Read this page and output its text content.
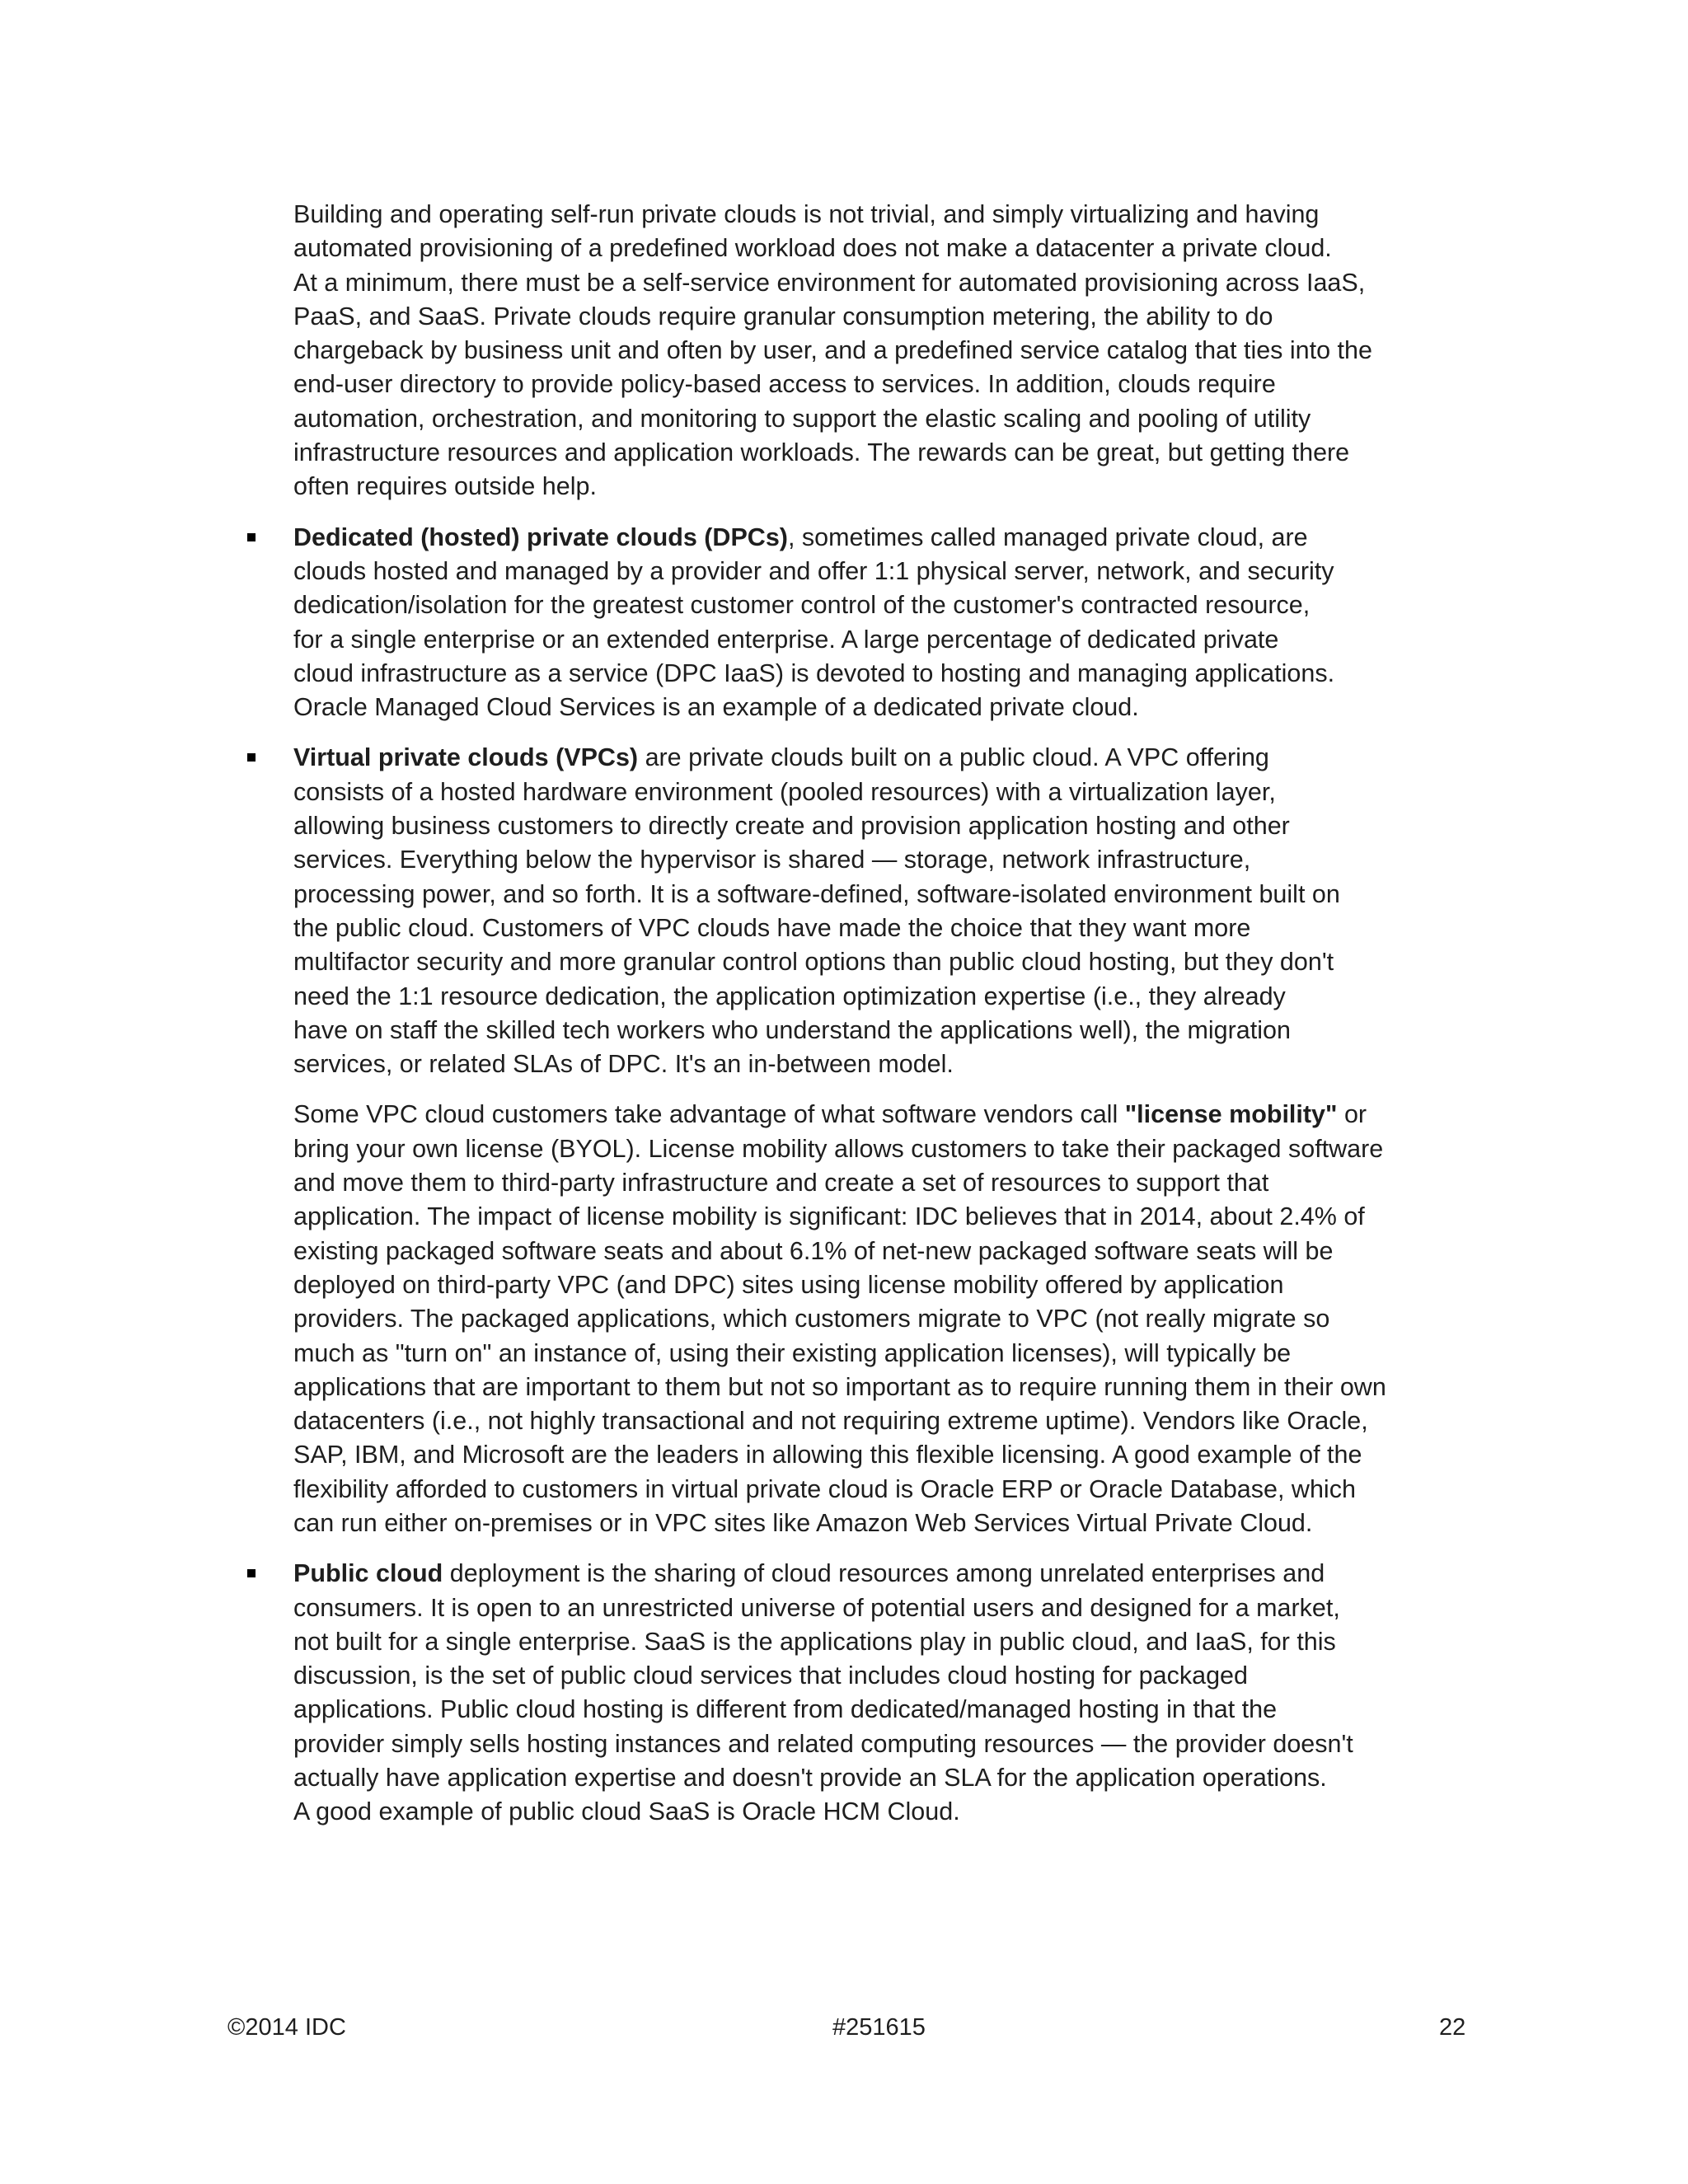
Building and operating self-run private clouds is not trivial, and simply virtualizing and having
automated provisioning of a predefined workload does not make a datacenter a private cloud.
At a minimum, there must be a self-service environment for automated provisioning across IaaS,
PaaS, and SaaS. Private clouds require granular consumption metering, the ability to do
chargeback by business unit and often by user, and a predefined service catalog that ties into the
end-user directory to provide policy-based access to services. In addition, clouds require
automation, orchestration, and monitoring to support the elastic scaling and pooling of utility
infrastructure resources and application workloads. The rewards can be great, but getting there
often requires outside help.
Dedicated (hosted) private clouds (DPCs), sometimes called managed private cloud, are
clouds hosted and managed by a provider and offer 1:1 physical server, network, and security
dedication/isolation for the greatest customer control of the customer's contracted resource,
for a single enterprise or an extended enterprise. A large percentage of dedicated private
cloud infrastructure as a service (DPC IaaS) is devoted to hosting and managing applications.
Oracle Managed Cloud Services is an example of a dedicated private cloud.
Virtual private clouds (VPCs) are private clouds built on a public cloud. A VPC offering
consists of a hosted hardware environment (pooled resources) with a virtualization layer,
allowing business customers to directly create and provision application hosting and other
services. Everything below the hypervisor is shared — storage, network infrastructure,
processing power, and so forth. It is a software-defined, software-isolated environment built on
the public cloud. Customers of VPC clouds have made the choice that they want more
multifactor security and more granular control options than public cloud hosting, but they don't
need the 1:1 resource dedication, the application optimization expertise (i.e., they already
have on staff the skilled tech workers who understand the applications well), the migration
services, or related SLAs of DPC. It's an in-between model.
Some VPC cloud customers take advantage of what software vendors call "license mobility" or
bring your own license (BYOL). License mobility allows customers to take their packaged software
and move them to third-party infrastructure and create a set of resources to support that
application. The impact of license mobility is significant: IDC believes that in 2014, about 2.4% of
existing packaged software seats and about 6.1% of net-new packaged software seats will be
deployed on third-party VPC (and DPC) sites using license mobility offered by application
providers. The packaged applications, which customers migrate to VPC (not really migrate so
much as "turn on" an instance of, using their existing application licenses), will typically be
applications that are important to them but not so important as to require running them in their own
datacenters (i.e., not highly transactional and not requiring extreme uptime). Vendors like Oracle,
SAP, IBM, and Microsoft are the leaders in allowing this flexible licensing. A good example of the
flexibility afforded to customers in virtual private cloud is Oracle ERP or Oracle Database, which
can run either on-premises or in VPC sites like Amazon Web Services Virtual Private Cloud.
Public cloud deployment is the sharing of cloud resources among unrelated enterprises and
consumers. It is open to an unrestricted universe of potential users and designed for a market,
not built for a single enterprise. SaaS is the applications play in public cloud, and IaaS, for this
discussion, is the set of public cloud services that includes cloud hosting for packaged
applications. Public cloud hosting is different from dedicated/managed hosting in that the
provider simply sells hosting instances and related computing resources — the provider doesn't
actually have application expertise and doesn't provide an SLA for the application operations.
A good example of public cloud SaaS is Oracle HCM Cloud.
©2014 IDC	#251615	22
